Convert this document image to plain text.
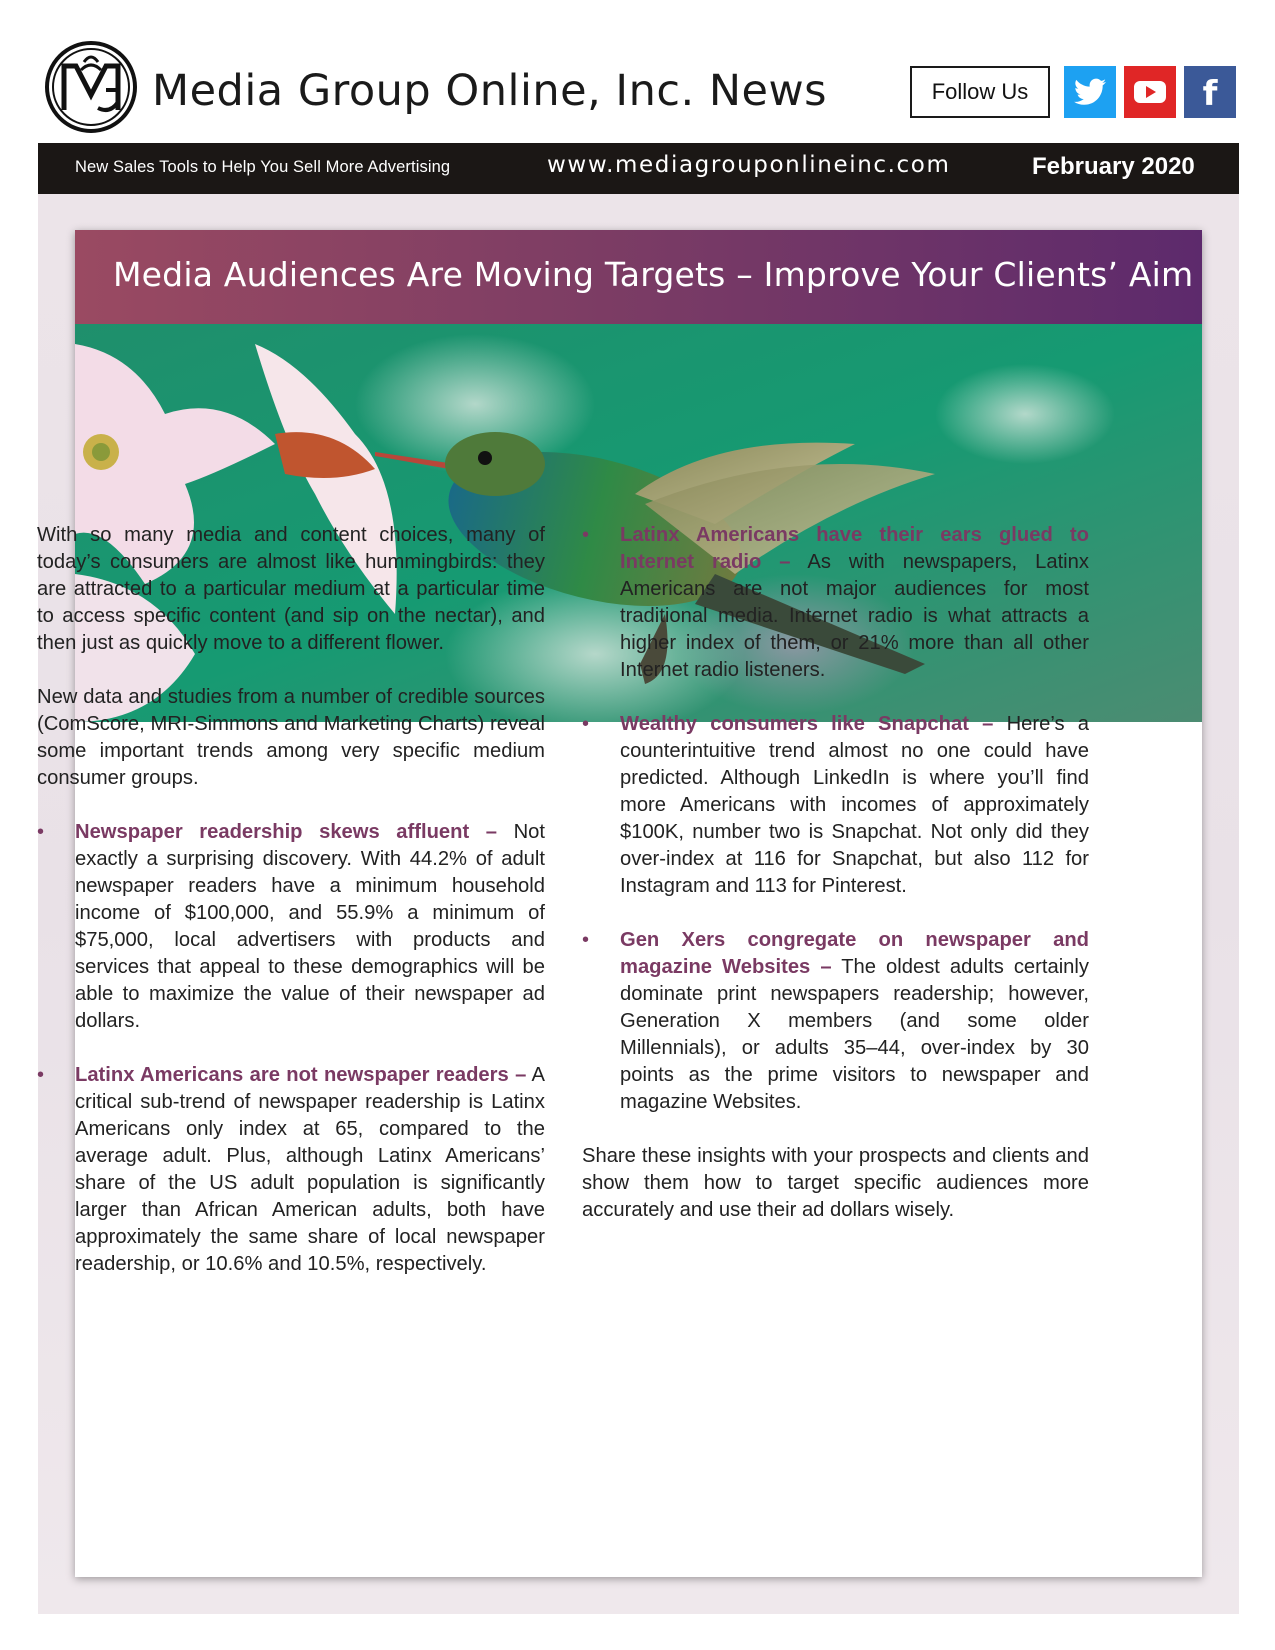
Media Group Online, Inc. News	Follow Us	f
New Sales Tools to Help You Sell More Advertising	www.mediagrouponlineinc.com	February 2020
Media Audiences Are Moving Targets – Improve Your Clients’ Aim

With so many media and content choices, many of today’s consumers are almost like hummingbirds: they are attracted to a particular medium at a particular time to access specific content (and sip on the nectar), and then just as quickly move to a different flower.

New data and studies from a number of credible sources (ComScore, MRI-Simmons and Marketing Charts) reveal some important trends among very specific medium consumer groups.

• Newspaper readership skews affluent – Not exactly a surprising discovery. With 44.2% of adult newspaper readers have a minimum household income of $100,000, and 55.9% a minimum of $75,000, local advertisers with products and services that appeal to these demographics will be able to maximize the value of their newspaper ad dollars.
• Latinx Americans are not newspaper readers – A critical sub-trend of newspaper readership is Latinx Americans only index at 65, compared to the average adult. Plus, although Latinx Americans’ share of the US adult population is significantly larger than African American adults, both have approximately the same share of local newspaper readership, or 10.6% and 10.5%, respectively.
• Latinx Americans have their ears glued to Internet radio – As with newspapers, Latinx Americans are not major audiences for most traditional media. Internet radio is what attracts a higher index of them, or 21% more than all other Internet radio listeners.
• Wealthy consumers like Snapchat – Here’s a counterintuitive trend almost no one could have predicted. Although LinkedIn is where you’ll find more Americans with incomes of approximately $100K, number two is Snapchat. Not only did they over-index at 116 for Snapchat, but also 112 for Instagram and 113 for Pinterest.
• Gen Xers congregate on newspaper and magazine Websites – The oldest adults certainly dominate print newspapers readership; however, Generation X members (and some older Millennials), or adults 35–44, over-index by 30 points as the prime visitors to newspaper and magazine Websites.

Share these insights with your prospects and clients and show them how to target specific audiences more accurately and use their ad dollars wisely.
